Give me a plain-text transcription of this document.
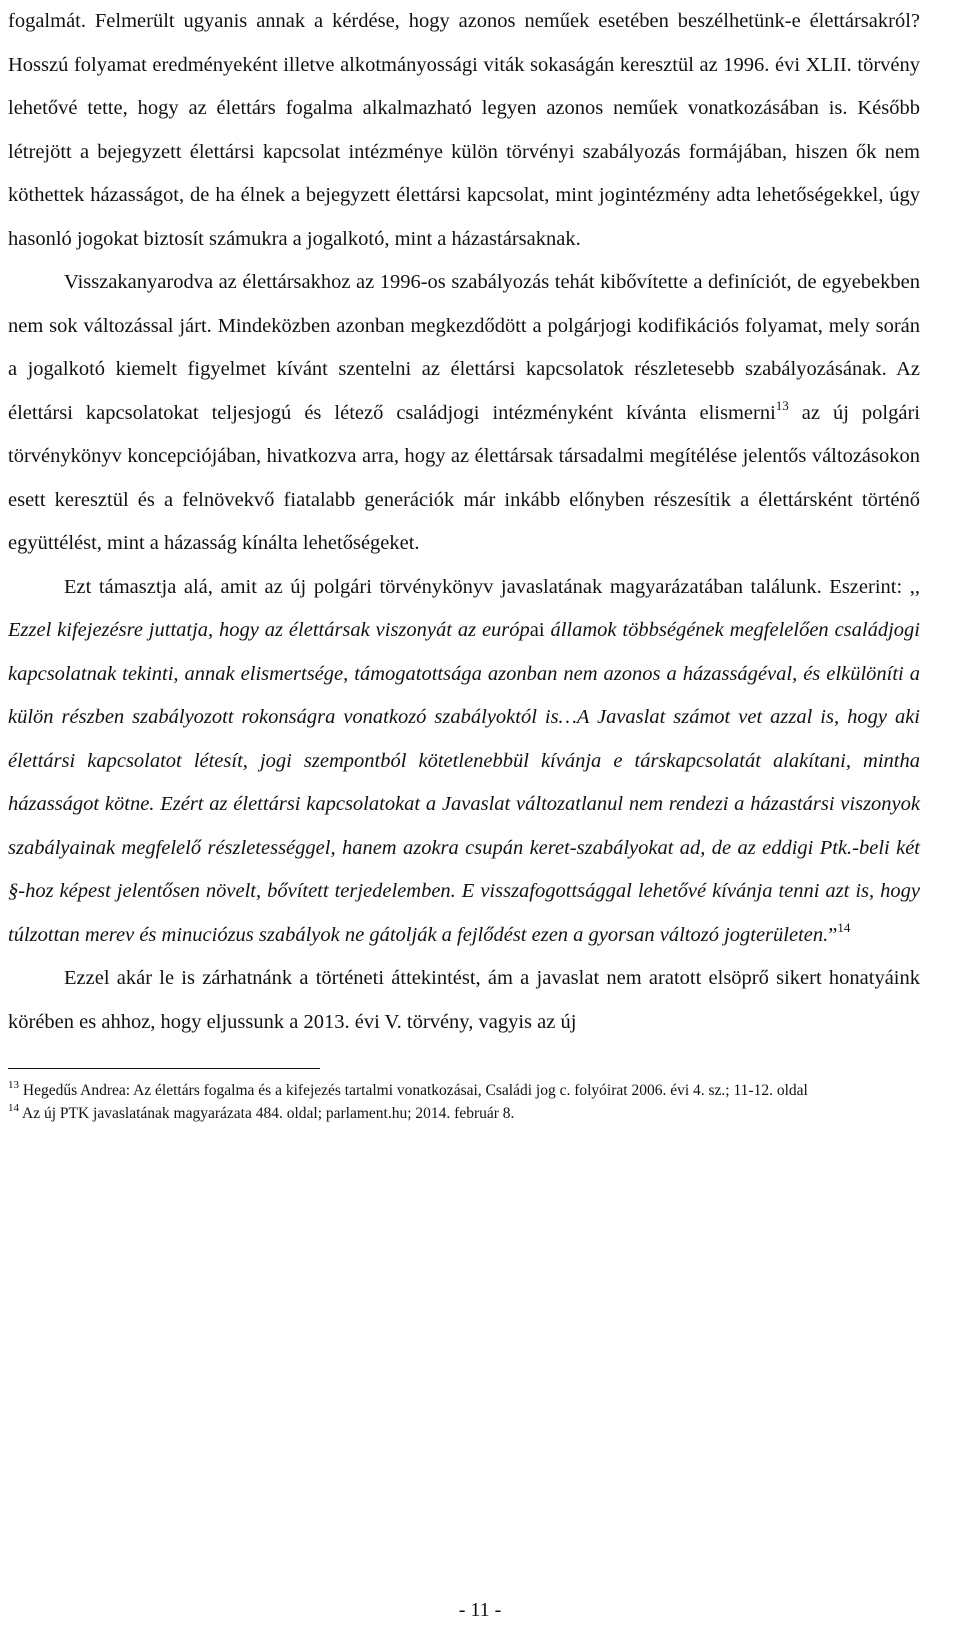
fogalmát. Felmerült ugyanis annak a kérdése, hogy azonos neműek esetében beszélhetünk-e élettársakról? Hosszú folyamat eredményeként illetve alkotmányossági viták sokaságán keresztül az 1996. évi XLII. törvény lehetővé tette, hogy az élettárs fogalma alkalmazható legyen azonos neműek vonatkozásában is. Később létrejött a bejegyzett élettársi kapcsolat intézménye külön törvényi szabályozás formájában, hiszen ők nem köthettek házasságot, de ha élnek a bejegyzett élettársi kapcsolat, mint jogintézmény adta lehetőségekkel, úgy hasonló jogokat biztosít számukra a jogalkotó, mint a házastársaknak.

Visszakanyarodva az élettársakhoz az 1996-os szabályozás tehát kibővítette a definíciót, de egyebekben nem sok változással járt. Mindeközben azonban megkezdődött a polgárjogi kodifikációs folyamat, mely során a jogalkotó kiemelt figyelmet kívánt szentelni az élettársi kapcsolatok részletesebb szabályozásának. Az élettársi kapcsolatokat teljesjogú és létező családjogi intézményként kívánta elismerni$^{13}$ az új polgári törvénykönyv koncepciójában, hivatkozva arra, hogy az élettársak társadalmi megítélése jelentős változásokon esett keresztül és a felnövekvő fiatalabb generációk már inkább előnyben részesítik a élettársként történő együttélést, mint a házasság kínálta lehetőségeket.

Ezt támasztja alá, amit az új polgári törvénykönyv javaslatának magyarázatában találunk. Eszerint: ,, Ezzel kifejezésre juttatja, hogy az élettársak viszonyát az európai államok többségének megfelelően családjogi kapcsolatnak tekinti, annak elismertsége, támogatottsága azonban nem azonos a házasságéval, és elkülöníti a külön részben szabályozott rokonságra vonatkozó szabályoktól is…A Javaslat számot vet azzal is, hogy aki élettársi kapcsolatot létesít, jogi szempontból kötetlenebbül kívánja e társkapcsolatát alakítani, mintha házasságot kötne. Ezért az élettársi kapcsolatokat a Javaslat változatlanul nem rendezi a házastársi viszonyok szabályainak megfelelő részletességgel, hanem azokra csupán keret-szabályokat ad, de az eddigi Ptk.-beli két §-hoz képest jelentősen növelt, bővített terjedelemben. E visszafogottsággal lehetővé kívánja tenni azt is, hogy túlzottan merev és minuciózus szabályok ne gátolják a fejlődést ezen a gyorsan változó jogterületen.”$^{14}$

Ezzel akár le is zárhatnánk a történeti áttekintést, ám a javaslat nem aratott elsöprő sikert honatyáink körében es ahhoz, hogy eljussunk a 2013. évi V. törvény, vagyis az új

$^{13}$ Hegedűs Andrea: Az élettárs fogalma és a kifejezés tartalmi vonatkozásai, Családi jog c. folyóirat 2006. évi 4. sz.; 11-12. oldal

$^{14}$ Az új PTK javaslatának magyarázata 484. oldal; parlament.hu; 2014. február 8.

- 11 -
